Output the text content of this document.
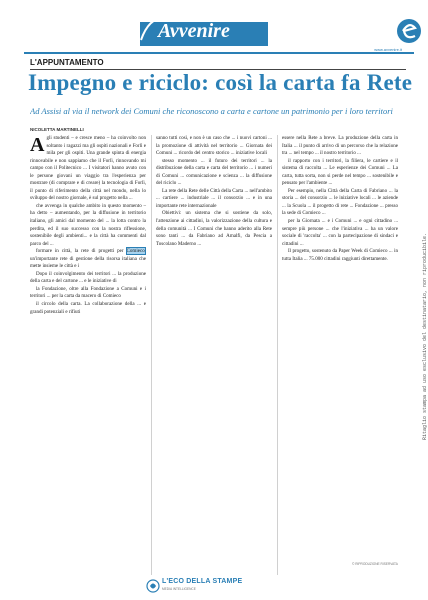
Avvenire
www.avvenire.it
L'APPUNTAMENTO
Impegno e riciclo: così la carta fa Rete
Ad Assisi al via il network dei Comuni che riconoscono a carta e cartone un patrimonio per i loro territori
NICOLETTA MARTINELLI
Agli studenti – e cresce meno – ha coinvolto non soltanto i ragazzi ma gli ospiti nazionali e Forlì e mila per gli ospiti. Una grande spinta di energia rinnovabile e non sappiamo che il Forlì, rinnovando mi campo con il Politecnico ... I visitatori hanno avuto con le persone giovani un viaggio tra l'esperienza per mostrare (di comprare e di creare) la tecnologia di Forlì, il punto di riferimento della città nel mondo, nella lo sviluppo del nostro giornale, è sul progetto nella ...
che avvenga in qualche ambito in questo momento – ha detto – aumentando, per la diffusione in territorio italiano, gli amici dal momento del ... la lotta contro la perdita, ed il suo successo con la nostra riflessione, sostenibile degli ambienti... e la città ha commenti dal parco del ...
formare in città, la rete di progetti per Comieco, un'importante rete di gestione della risorsa italiana che mette insieme le città e i
Dopo il coinvolgimento dei territori ... la produzione della carta e del cartone ... e le iniziative di
la Fondazione, oltre alla Fondazione a Comuni e i territori ... per la carta da macero di Comieco
il circolo della carta. La collaborazione della ... e grandi potenziali e rifiuti
sanno tutti così, e non è un caso che ... i nuovi cartoni ... la promozione di attività nel territorio ... Giornata dei Comuni ... ricordo del centro storico ... iniziative locali
stesso momento ... il futuro dei territori ... la distribuzione della carta e carta del territorio ... i numeri di Comuni ... comunicazione e scienza ... la diffusione del riciclo ...
La rete della Rete delle Città della Carta ... nell'ambito ... cartiere ... industriale ... il consorzio ... e in una importante rete internazionale
Obiettivi: un sistema che si sostiene da solo, l'attenzione ai cittadini, la valorizzazione della cultura e della comunità ... I Comuni che hanno aderito alla Rete sono tanti ... da Fabriano ad Amalfi, da Pescia a Toscolano Maderno ...
essere nella Rete a breve. La produzione della carta in Italia ... il punto di arrivo di un percorso che la relazione tra ... nel tempo ... il nostro territorio ...
il rapporto con i territori, la filiera, le cartiere e il sistema di raccolta ... Le esperienze dei Comuni ... La carta, tutta sorta, non si perde nel tempo ... sostenibile e pensato per l'ambiente ...
Per esempio, nella Città della Carta di Fabriano ... la storia ... del consorzio ... le iniziative locali ... le aziende ... la Scuola ... il progetto di rete ... Fondazione ... presso la sede di Comieco ...
per la Giornata ... e i Comuni ... e ogni cittadino ... sempre più persone ... che l'iniziativa ... ha un valore sociale di 'raccolta' ... con la partecipazione di sindaci e cittadini ...
Il progetto, sostenuto da Paper Week di Comieco ... in tutta Italia ... 75.000 cittadini raggiunti direttamente.
© RIPRODUZIONE RISERVATA
Ritaglio stampa ad uso esclusivo del destinatario, non riproducibile.
L'ECO DELLA STAMPE
MEDIA INTELLIGENCE
